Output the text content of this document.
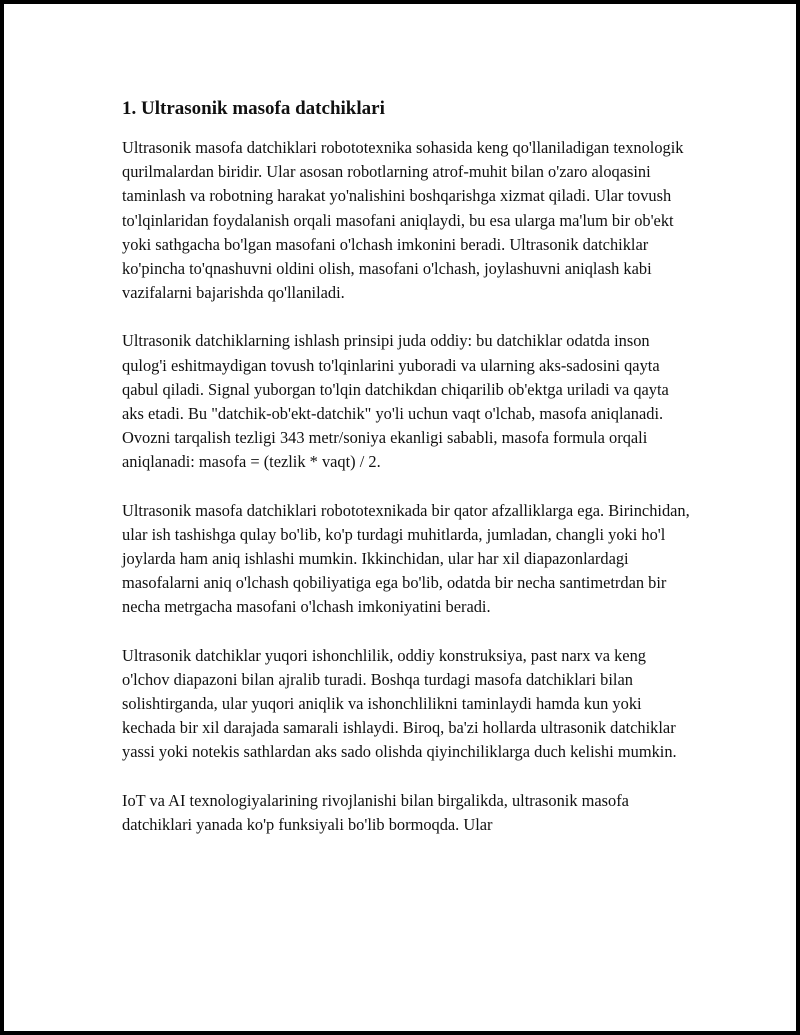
1. Ultrasonik masofa datchiklari

Ultrasonik masofa datchiklari robototexnika sohasida keng qo'llaniladigan texnologik qurilmalardan biridir. Ular asosan robotlarning atrof-muhit bilan o'zaro aloqasini taminlash va robotning harakat yo'nalishini boshqarishga xizmat qiladi. Ular tovush to'lqinlaridan foydalanish orqali masofani aniqlaydi, bu esa ularga ma'lum bir ob'ekt yoki sathgacha bo'lgan masofani o'lchash imkonini beradi. Ultrasonik datchiklar ko'pincha to'qnashuvni oldini olish, masofani o'lchash, joylashuvni aniqlash kabi vazifalarni bajarishda qo'llaniladi.

Ultrasonik datchiklarning ishlash prinsipi juda oddiy: bu datchiklar odatda inson qulog'i eshitmaydigan tovush to'lqinlarini yuboradi va ularning aks-sadosini qayta qabul qiladi. Signal yuborgan to'lqin datchikdan chiqarilib ob'ektga uriladi va qayta aks etadi. Bu "datchik-ob'ekt-datchik" yo'li uchun vaqt o'lchab, masofa aniqlanadi. Ovozni tarqalish tezligi 343 metr/soniya ekanligi sababli, masofa formula orqali aniqlanadi: masofa = (tezlik * vaqt) / 2.

Ultrasonik masofa datchiklari robototexnikada bir qator afzalliklarga ega. Birinchidan, ular ish tashishga qulay bo'lib, ko'p turdagi muhitlarda, jumladan, changli yoki ho'l joylarda ham aniq ishlashi mumkin. Ikkinchidan, ular har xil diapazonlardagi masofalarni aniq o'lchash qobiliyatiga ega bo'lib, odatda bir necha santimetrdan bir necha metrgacha masofani o'lchash imkoniyatini beradi.

Ultrasonik datchiklar yuqori ishonchlilik, oddiy konstruksiya, past narx va keng o'lchov diapazoni bilan ajralib turadi. Boshqa turdagi masofa datchiklari bilan solishtirganda, ular yuqori aniqlik va ishonchlilikni taminlaydi hamda kun yoki kechada bir xil darajada samarali ishlaydi. Biroq, ba'zi hollarda ultrasonik datchiklar yassi yoki notekis sathlardan aks sado olishda qiyinchiliklarga duch kelishi mumkin.

IoT va AI texnologiyalarining rivojlanishi bilan birgalikda, ultrasonik masofa datchiklari yanada ko'p funksiyali bo'lib bormoqda. Ular
